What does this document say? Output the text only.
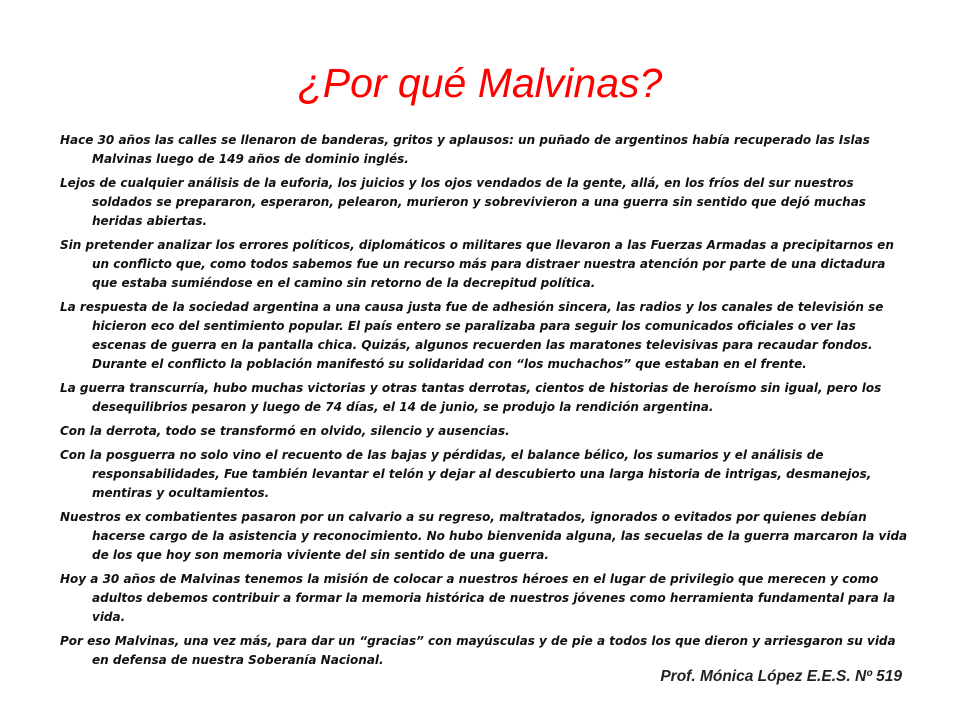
¿Por qué Malvinas?

Hace 30 años las calles se llenaron de banderas, gritos y aplausos: un puñado de argentinos había recuperado las Islas Malvinas luego de 149 años de dominio inglés.

Lejos de cualquier análisis de la euforia, los juicios y los ojos vendados de la gente, allá, en los fríos del sur nuestros soldados se prepararon, esperaron, pelearon, murieron y sobrevivieron a una guerra sin sentido que dejó muchas heridas abiertas.

Sin pretender analizar los errores políticos, diplomáticos o militares que llevaron a las Fuerzas Armadas a precipitarnos en un conflicto que, como todos sabemos fue un recurso más para distraer nuestra atención por parte de una dictadura que estaba sumiéndose en el camino sin retorno de la decrepitud política.

La respuesta de la sociedad argentina a una causa justa fue de adhesión sincera, las radios y los canales de televisión se hicieron eco del sentimiento popular. El país entero se paralizaba para seguir los comunicados oficiales o ver las escenas de guerra en la pantalla chica. Quizás, algunos recuerden las maratones televisivas para recaudar fondos. Durante el conflicto la población manifestó su solidaridad con “los muchachos” que estaban en el frente.

La guerra transcurría, hubo muchas victorias y otras tantas derrotas, cientos de historias de heroísmo sin igual, pero los desequilibrios pesaron y luego de 74 días, el 14 de junio, se produjo la rendición argentina.

Con la derrota, todo se transformó en olvido, silencio y ausencias.

Con la posguerra no solo vino el recuento de las bajas y pérdidas, el balance bélico, los sumarios y el análisis de responsabilidades, Fue también levantar el telón y dejar al descubierto una larga historia de intrigas, desmanejos, mentiras y ocultamientos.

Nuestros ex combatientes pasaron por un calvario a su regreso, maltratados, ignorados o evitados por quienes debían hacerse cargo de la asistencia y reconocimiento. No hubo bienvenida alguna, las secuelas de la guerra marcaron la vida de los que hoy son memoria viviente del sin sentido de una guerra.

Hoy a 30 años de Malvinas tenemos la misión de colocar a nuestros héroes en el lugar de privilegio que merecen y como adultos debemos contribuir a formar la memoria histórica de nuestros jóvenes como herramienta fundamental para la vida.

Por eso Malvinas, una vez más, para dar un “gracias” con mayúsculas y de pie a todos los que dieron y arriesgaron su vida en defensa de nuestra Soberanía Nacional.

Prof. Mónica López E.E.S. Nº 519
